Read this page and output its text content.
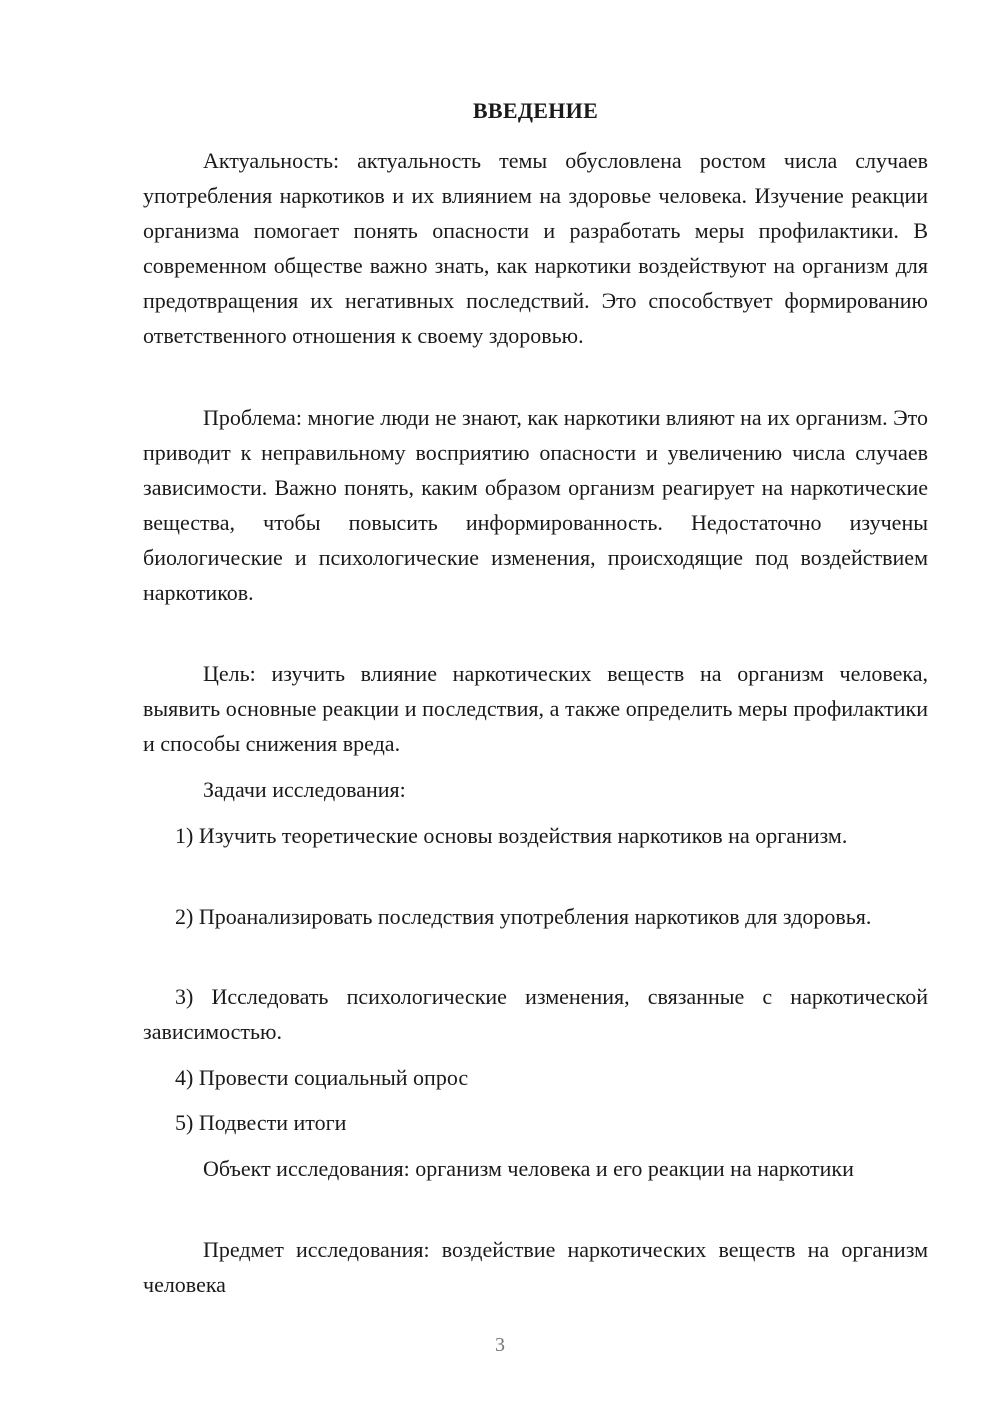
ВВЕДЕНИЕ

Актуальность: актуальность темы обусловлена ростом числа случаев употребления наркотиков и их влиянием на здоровье человека. Изучение реакции организма помогает понять опасности и разработать меры профилактики. В современном обществе важно знать, как наркотики воздействуют на организм для предотвращения их негативных последствий. Это способствует формированию ответственного отношения к своему здоровью.

Проблема: многие люди не знают, как наркотики влияют на их организм. Это приводит к неправильному восприятию опасности и увеличению числа случаев зависимости. Важно понять, каким образом организм реагирует на наркотические вещества, чтобы повысить информированность. Недостаточно изучены биологические и психологические изменения, происходящие под воздействием наркотиков.

Цель: изучить влияние наркотических веществ на организм человека, выявить основные реакции и последствия, а также определить меры профилактики и способы снижения вреда.

Задачи исследования:

1) Изучить теоретические основы воздействия наркотиков на организм.

2) Проанализировать последствия употребления наркотиков для здоровья.

3) Исследовать психологические изменения, связанные с наркотической зависимостью.

4) Провести социальный опрос

5) Подвести итоги

Объект исследования: организм человека и его реакции на наркотики

Предмет исследования: воздействие наркотических веществ на организм человека

3
